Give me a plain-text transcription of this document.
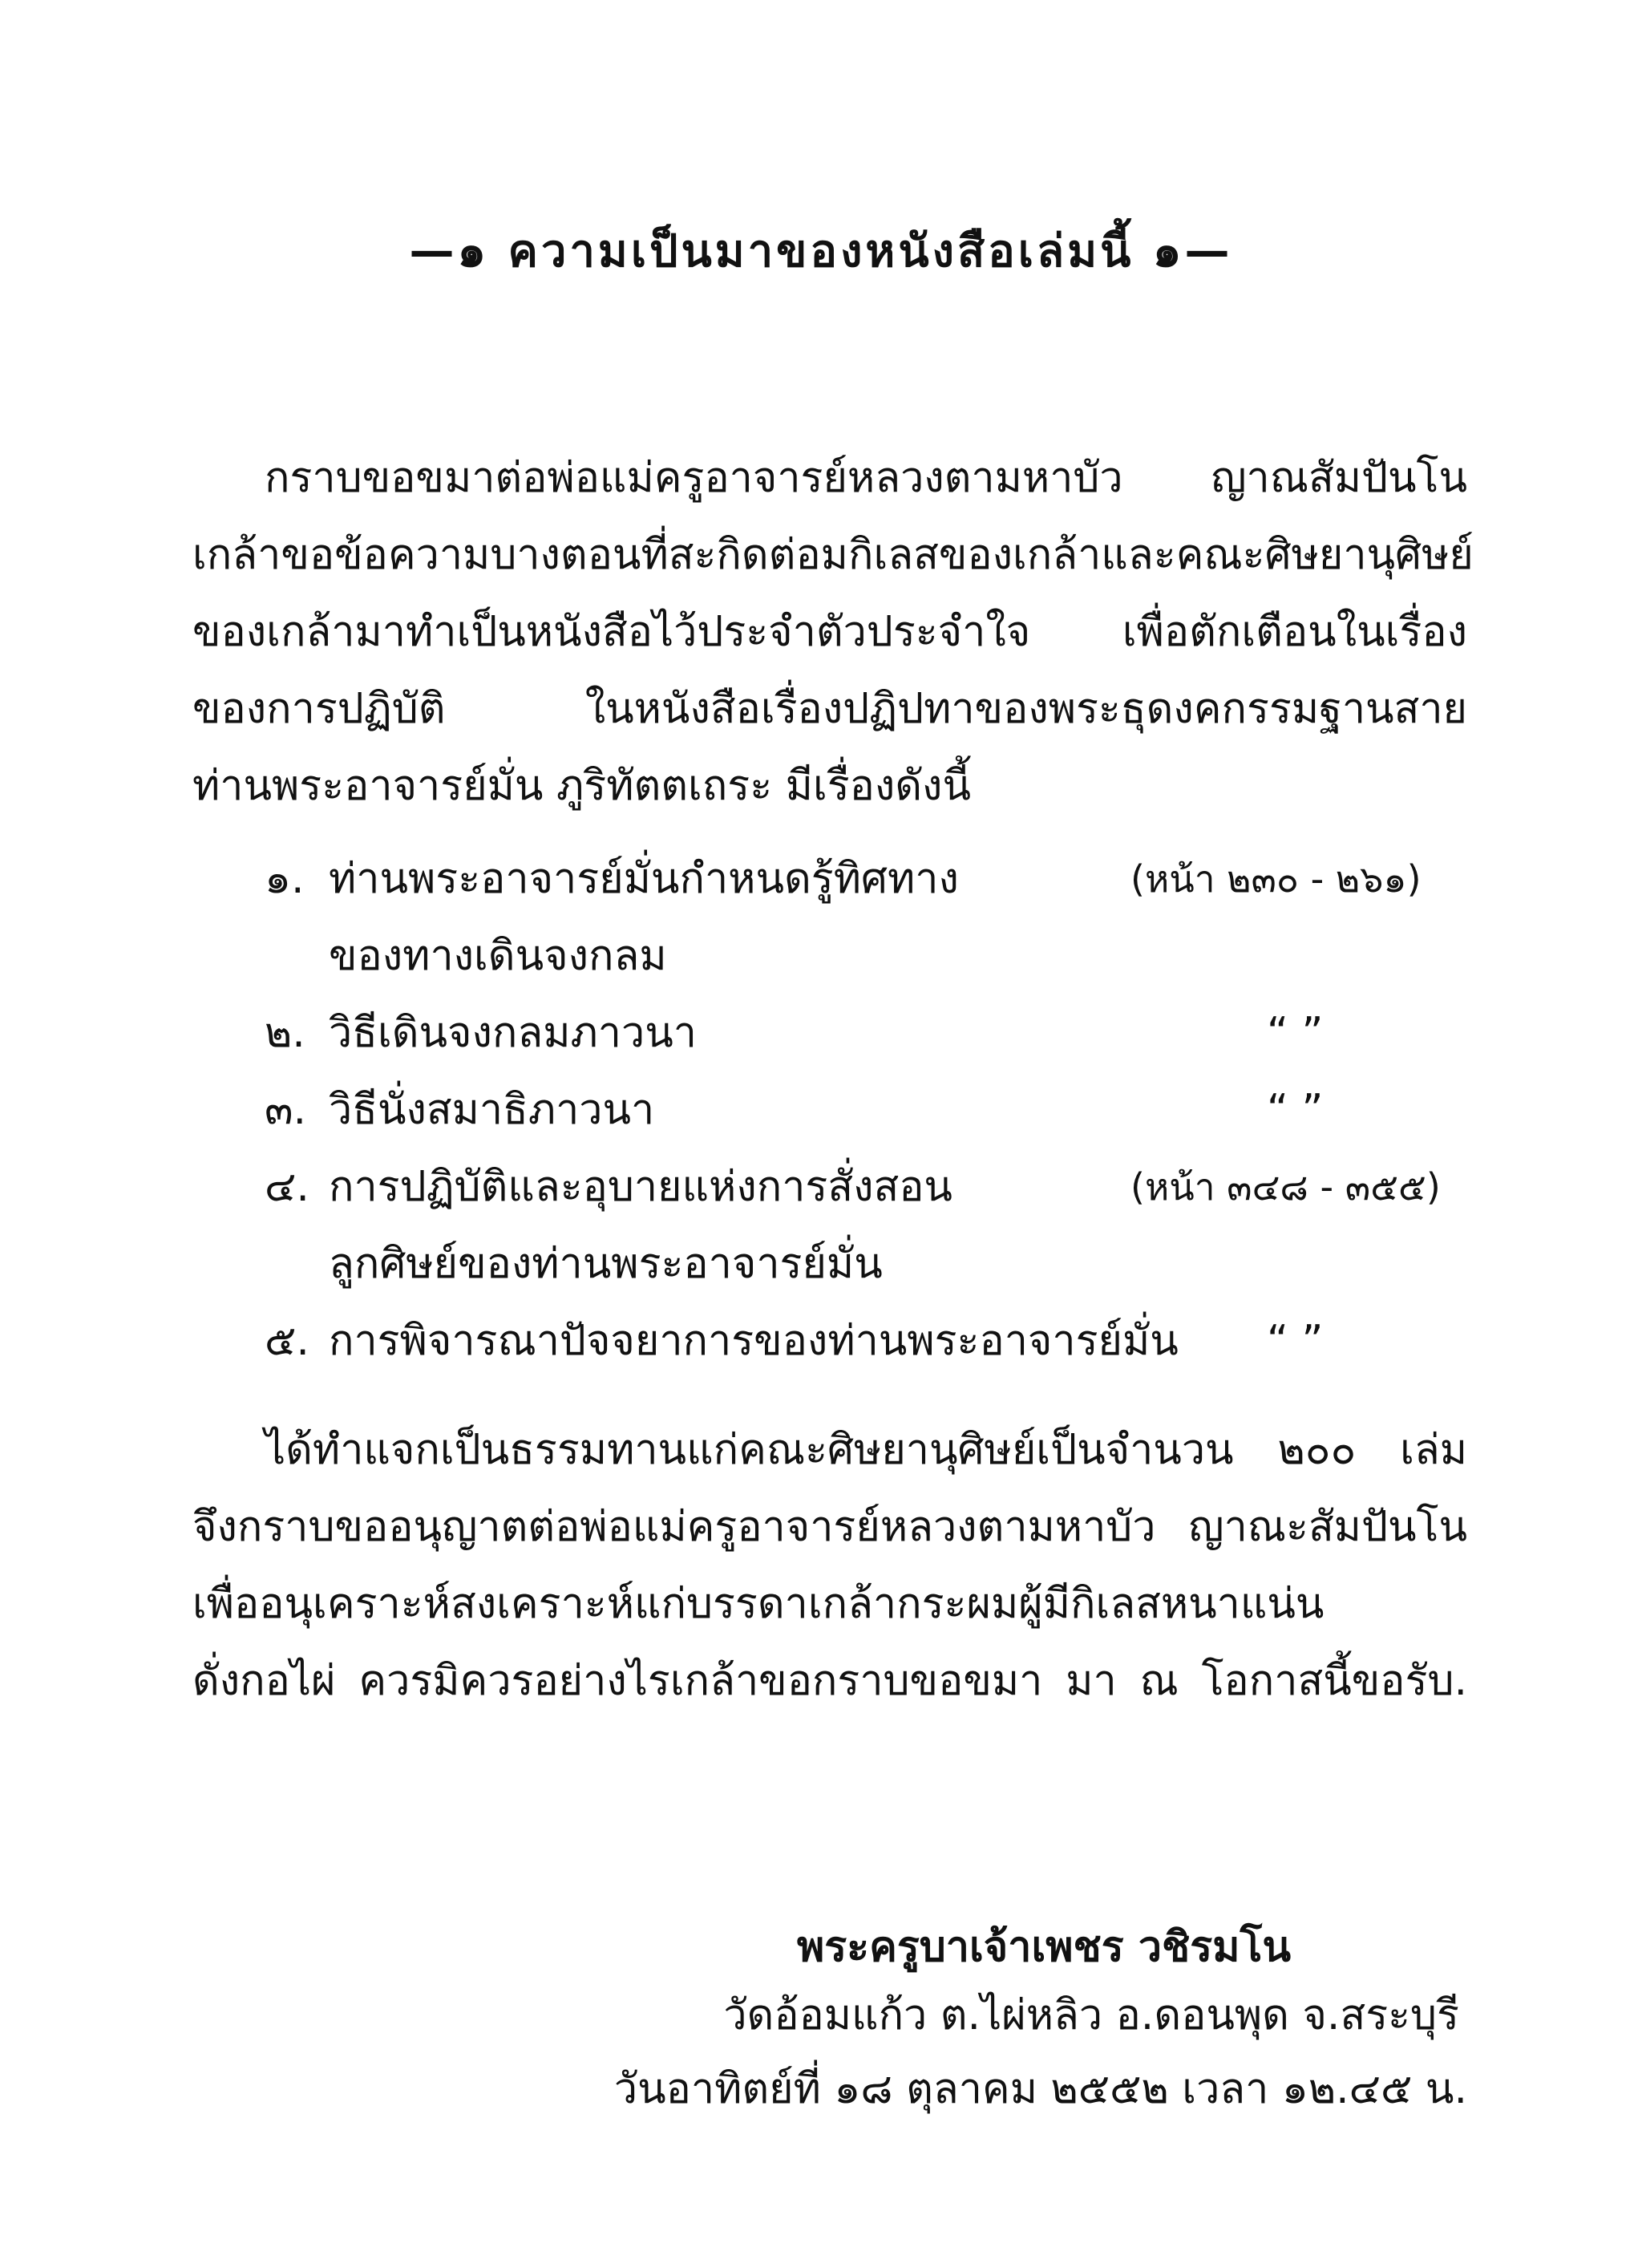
—๑ ความเป็นมาของหนังสือเล่มนี้ ๑—
กราบขอขมาต่อพ่อแม่ครูอาจารย์หลวงตามหาบัว ญาณสัมปันโน
เกล้าขอข้อความบางตอนที่สะกิดต่อมกิเลสของเกล้าและคณะศิษยานุศิษย์
ของเกล้ามาทำเป็นหนังสือไว้ประจำตัวประจำใจ เพื่อตักเตือนในเรื่อง
ของการปฏิบัติ ในหนังสือเรื่องปฏิปทาของพระธุดงคกรรมฐานสาย
ท่านพระอาจารย์มั่น ภูริทัตตเถระ มีเรื่องดังนี้
๑. ท่านพระอาจารย์มั่นกำหนดรู้ทิศทาง	(หน้า ๒๓๐ - ๒๖๑)
ของทางเดินจงกลม
๒. วิธีเดินจงกลมภาวนา	“ ”
๓. วิธีนั่งสมาธิภาวนา	“ ”
๔. การปฏิบัติและอุบายแห่งการสั่งสอน	(หน้า ๓๔๘ - ๓๕๕)
ลูกศิษย์ของท่านพระอาจารย์มั่น
๕. การพิจารณาปัจจยาการของท่านพระอาจารย์มั่น “ ”
ได้ทำแจกเป็นธรรมทานแก่คณะศิษยานุศิษย์เป็นจำนวน ๒๐๐ เล่ม
จึงกราบขออนุญาตต่อพ่อแม่ครูอาจารย์หลวงตามหาบัว ญาณะสัมปันโน
เพื่ออนุเคราะห์สงเคราะห์แก่บรรดาเกล้ากระผมผู้มีกิเลสหนาแน่น
ดั่งกอไผ่ ควรมิควรอย่างไรเกล้าขอกราบขอขมา มา ณ โอกาสนี้ขอรับ.
พระครูบาเจ้าเพชร วชิรมโน
วัดอ้อมแก้ว ต.ไผ่หลิว อ.ดอนพุด จ.สระบุรี
วันอาทิตย์ที่ ๑๘ ตุลาคม ๒๕๕๒ เวลา ๑๒.๔๕ น.
